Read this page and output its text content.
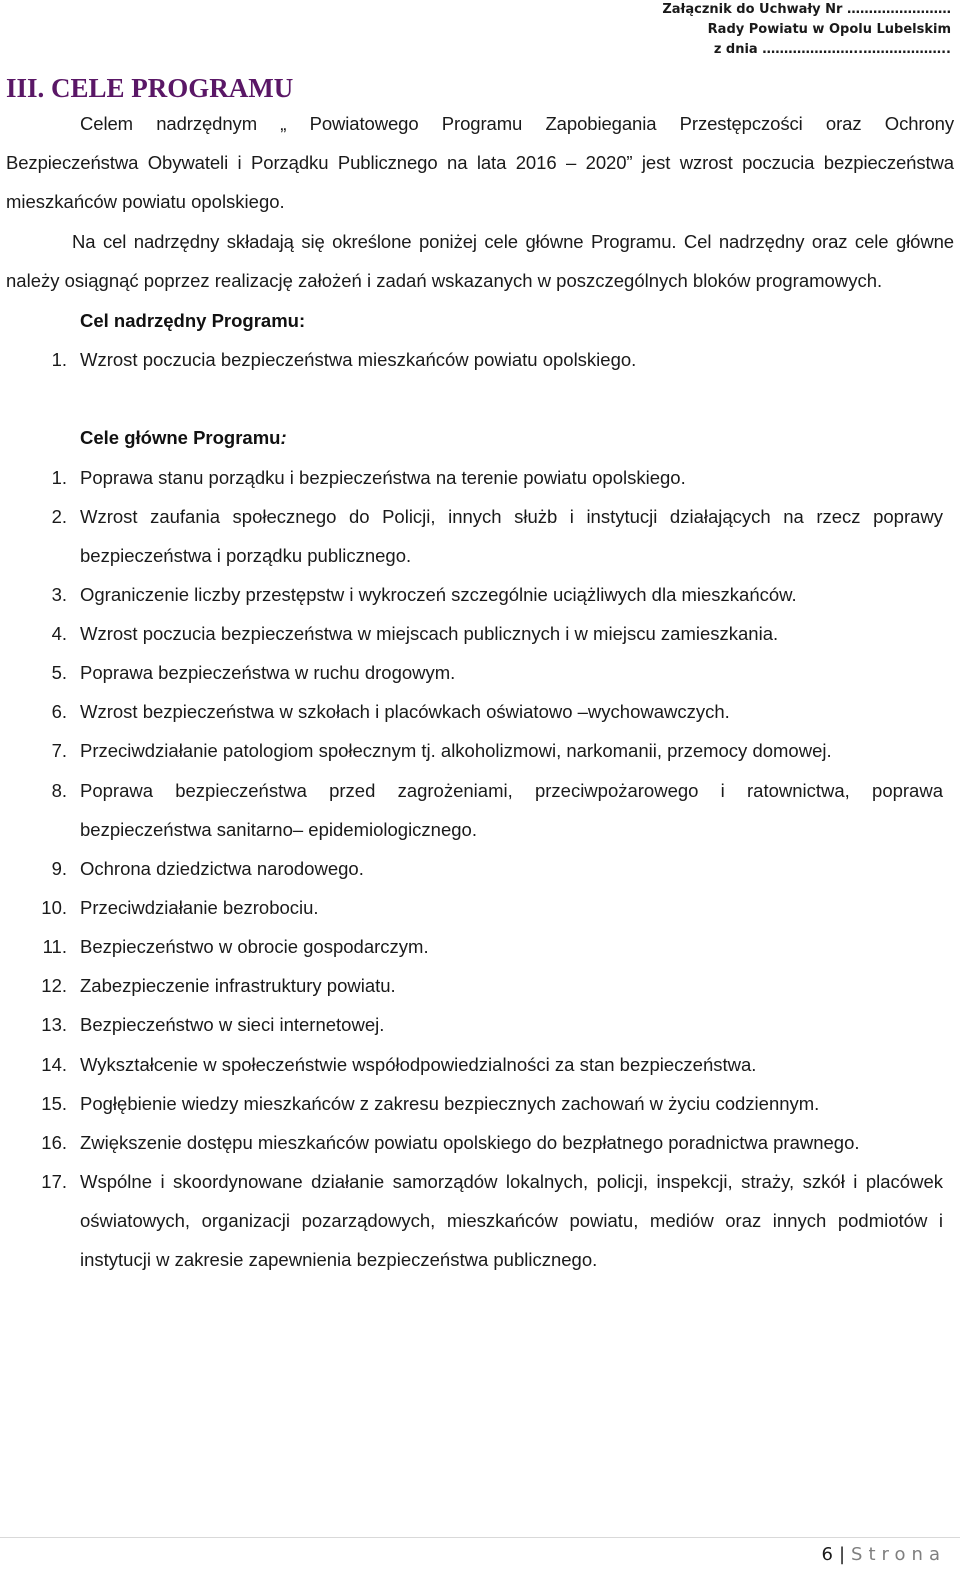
Załącznik do Uchwały Nr ……………………
Rady Powiatu w Opolu Lubelskim
z dnia …………………..………………..
III. CELE PROGRAMU
Celem nadrzędnym „ Powiatowego Programu Zapobiegania Przestępczości oraz Ochrony
Bezpieczeństwa Obywateli i Porządku Publicznego na lata 2016 – 2020” jest wzrost poczucia bezpieczeństwa
mieszkańców powiatu opolskiego.
Na cel nadrzędny składają się określone poniżej cele główne Programu. Cel nadrzędny oraz cele główne
należy osiągnąć poprzez realizację założeń i zadań wskazanych w poszczególnych bloków programowych.
Cel nadrzędny Programu:
1. Wzrost poczucia bezpieczeństwa mieszkańców powiatu opolskiego.
Cele główne Programu:
1. Poprawa stanu porządku i bezpieczeństwa na terenie powiatu opolskiego.
2. Wzrost zaufania społecznego do Policji, innych służb i instytucji działających na rzecz poprawy bezpieczeństwa i porządku publicznego.
3. Ograniczenie liczby przestępstw i wykroczeń szczególnie uciążliwych dla mieszkańców.
4. Wzrost poczucia bezpieczeństwa w miejscach publicznych i w miejscu zamieszkania.
5. Poprawa bezpieczeństwa w ruchu drogowym.
6. Wzrost bezpieczeństwa w szkołach i placówkach oświatowo –wychowawczych.
7. Przeciwdziałanie patologiom społecznym tj. alkoholizmowi, narkomanii, przemocy domowej.
8. Poprawa bezpieczeństwa przed zagrożeniami, przeciwpożarowego i ratownictwa, poprawa bezpieczeństwa sanitarno– epidemiologicznego.
9. Ochrona dziedzictwa narodowego.
10. Przeciwdziałanie bezrobociu.
11. Bezpieczeństwo w obrocie gospodarczym.
12. Zabezpieczenie infrastruktury powiatu.
13. Bezpieczeństwo w sieci internetowej.
14. Wykształcenie w społeczeństwie współodpowiedzialności za stan bezpieczeństwa.
15. Pogłębienie wiedzy mieszkańców z zakresu bezpiecznych zachowań w życiu codziennym.
16. Zwiększenie dostępu mieszkańców powiatu opolskiego do bezpłatnego poradnictwa prawnego.
17. Wspólne i skoordynowane działanie samorządów lokalnych, policji, inspekcji, straży, szkół i placówek oświatowych, organizacji pozarządowych, mieszkańców powiatu, mediów oraz innych podmiotów i instytucji w zakresie zapewnienia bezpieczeństwa publicznego.
6 | Strona
